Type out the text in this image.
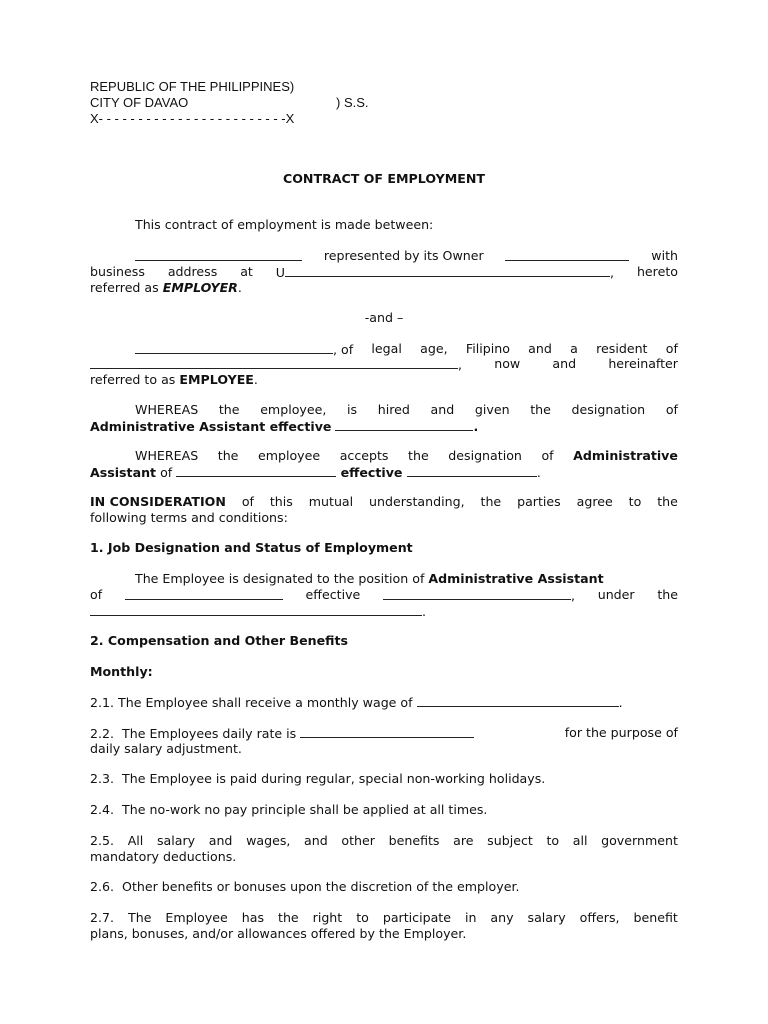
REPUBLIC OF THE PHILIPPINES)
CITY OF DAVAO	) S.S.
X- - - - - - - - - - - - - - - - - - - - - - - -X
CONTRACT OF EMPLOYMENT
This contract of employment is made between:
represented by its Owner	with
business address at U	, hereto
referred as EMPLOYER.
-and –
, of legal age, Filipino and a resident of
,	now	and	hereinafter
referred to as EMPLOYEE.
WHEREAS the employee, is hired and given the designation of
Administrative Assistant effective	.
WHEREAS the employee accepts the designation of Administrative
Assistant of	effective	.
IN CONSIDERATION of this mutual understanding, the parties agree to the
following terms and conditions:
1. Job Designation and Status of Employment
The Employee is designated to the position of Administrative Assistant
of	effective	, under the
.
2. Compensation and Other Benefits
Monthly:
2.1. The Employee shall receive a monthly wage of	.
2.2.  The Employees daily rate is	for the purpose of
daily salary adjustment.
2.3.  The Employee is paid during regular, special non-working holidays.
2.4.  The no-work no pay principle shall be applied at all times.
2.5. All salary and wages, and other benefits are subject to all government
mandatory deductions.
2.6.  Other benefits or bonuses upon the discretion of the employer.
2.7. The Employee has the right to participate in any salary offers, benefit
plans, bonuses, and/or allowances offered by the Employer.
